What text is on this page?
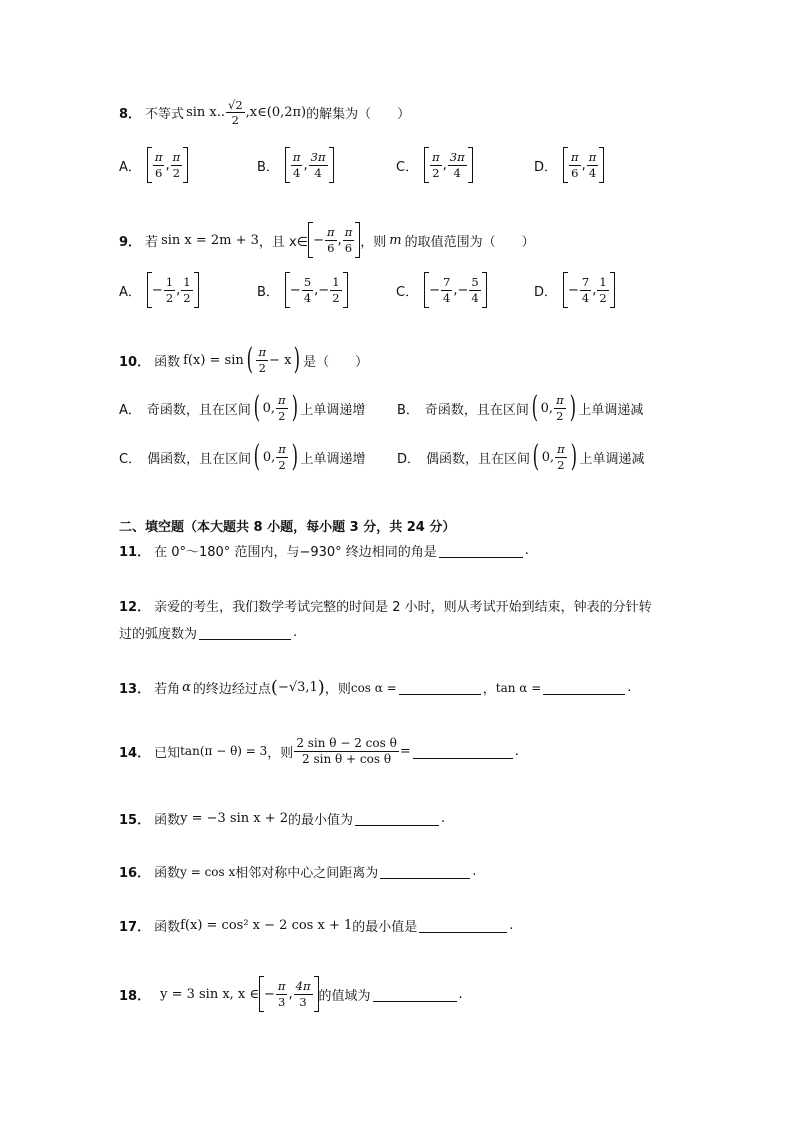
8． 不等式 sin x.. $\frac{√2}{2}$ ,x∈(0,2π) 的解集为（　　）
A． $\frac{\pi}{6}$ , $\frac{\pi}{2}$	B． $\frac{\pi}{4}$ , $\frac{3\pi}{4}$	C． $\frac{\pi}{2}$ , $\frac{3\pi}{4}$	D． $\frac{\pi}{6}$ , $\frac{\pi}{4}$
9． 若 sin x = 2m + 3 ，且 x∈ − $\frac{\pi}{6}$ , $\frac{\pi}{6}$ ，则 m 的取值范围为（　　）
A． − $\frac{1}{2}$ , $\frac{1}{2}$	B． − $\frac{5}{4}$ , − $\frac{1}{2}$	C． − $\frac{7}{4}$ , − $\frac{5}{4}$	D． − $\frac{7}{4}$ , $\frac{1}{2}$
10． 函数 f(x) = sin ( $\frac{\pi}{2} - x$ ) 是（　　）
A． 奇函数，且在区间 ( 0, $\frac{\pi}{2}$ ) 上单调递增 B． 奇函数，且在区间 ( 0, $\frac{\pi}{2}$ ) 上单调递减
C． 偶函数，且在区间 ( 0, $\frac{\pi}{2}$ ) 上单调递增 D． 偶函数，且在区间 ( 0, $\frac{\pi}{2}$ ) 上单调递减
二、填空题（本大题共 8 小题，每小题 3 分，共 24 分）
11． 在 0°～180° 范围内，与−930° 终边相同的角是	.
12． 亲爱的考生，我们数学考试完整的时间是 2 小时，则从考试开始到结束，钟表的分针转
过的弧度数为	.
13． 若角 α 的终边经过点 ( −√3,1 ) ，则 cos α =	， tan α =	.
14． 已知 tan(π − θ) = 3 ，则 $\frac{\text{2 sin θ − 2 cos θ}}{\text{2 sin θ + cos θ}}$ =	.
15． 函数 y = −3 sin x + 2 的最小值为	.
16． 函数 y = cos x 相邻对称中心之间距离为	.
17． 函数 f(x) = cos² x − 2 cos x + 1 的最小值是	.
18． y = 3 sin x, x ∈ − $\frac{\pi}{3}$ , $\frac{4\pi}{3}$ 的值域为	.
